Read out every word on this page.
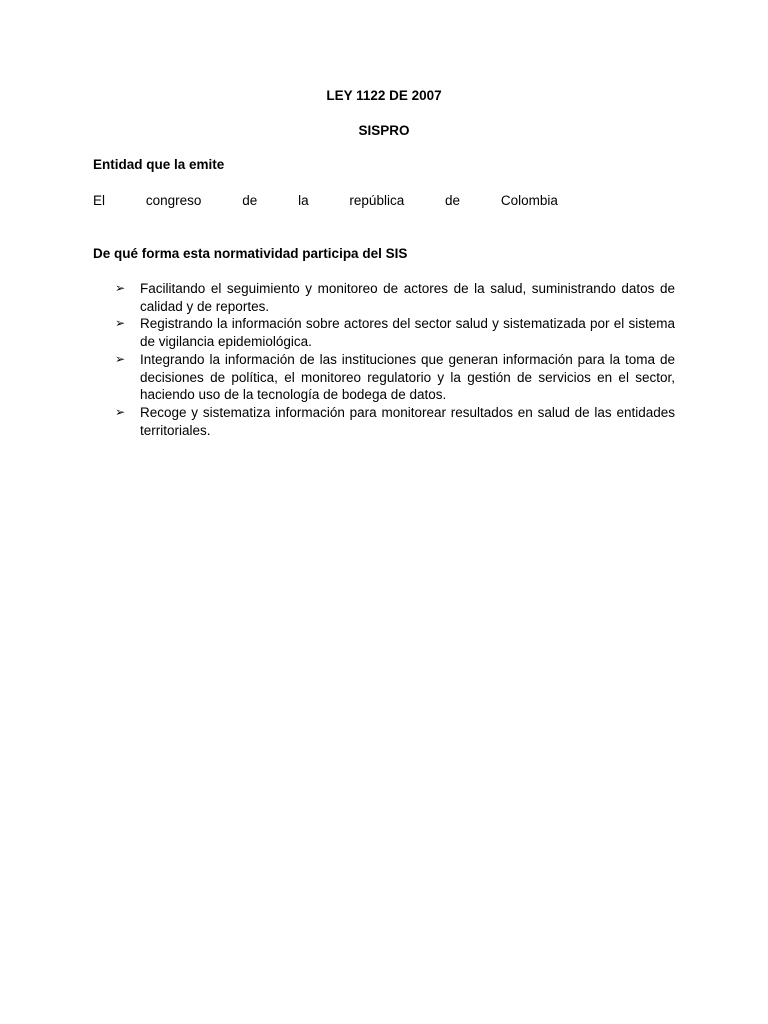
LEY 1122 DE 2007
SISPRO
Entidad que la emite
El	congreso	de	la	república	de	Colombia
De qué forma esta normatividad participa del SIS
➢ Facilitando el seguimiento y monitoreo de actores de la salud, suministrando datos de calidad y de reportes.
➢ Registrando la información sobre actores del sector salud y sistematizada por el sistema de vigilancia epidemiológica.
➢ Integrando la información de las instituciones que generan información para la toma de decisiones de política, el monitoreo regulatorio y la gestión de servicios en el sector, haciendo uso de la tecnología de bodega de datos.
➢ Recoge y sistematiza información para monitorear resultados en salud de las entidades territoriales.
